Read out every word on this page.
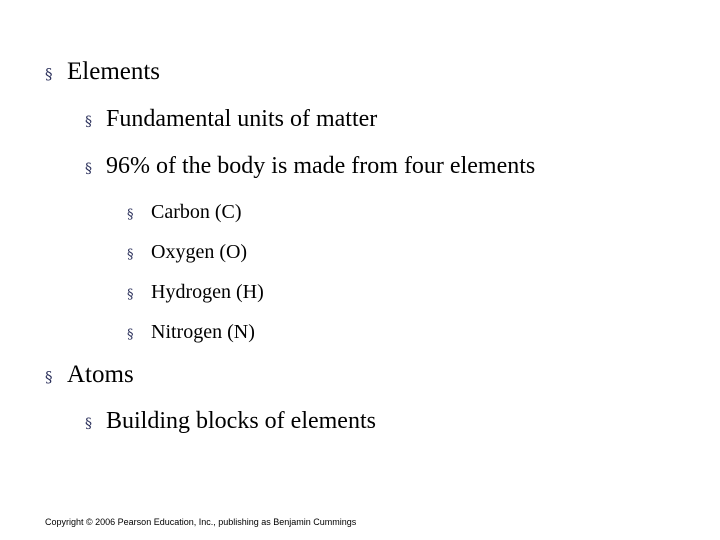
§ Elements
§ Fundamental units of matter
§ 96% of the body is made from four elements
§ Carbon (C)
§ Oxygen (O)
§ Hydrogen (H)
§ Nitrogen (N)
§ Atoms
§ Building blocks of elements
Copyright © 2006 Pearson Education, Inc., publishing as Benjamin Cummings
